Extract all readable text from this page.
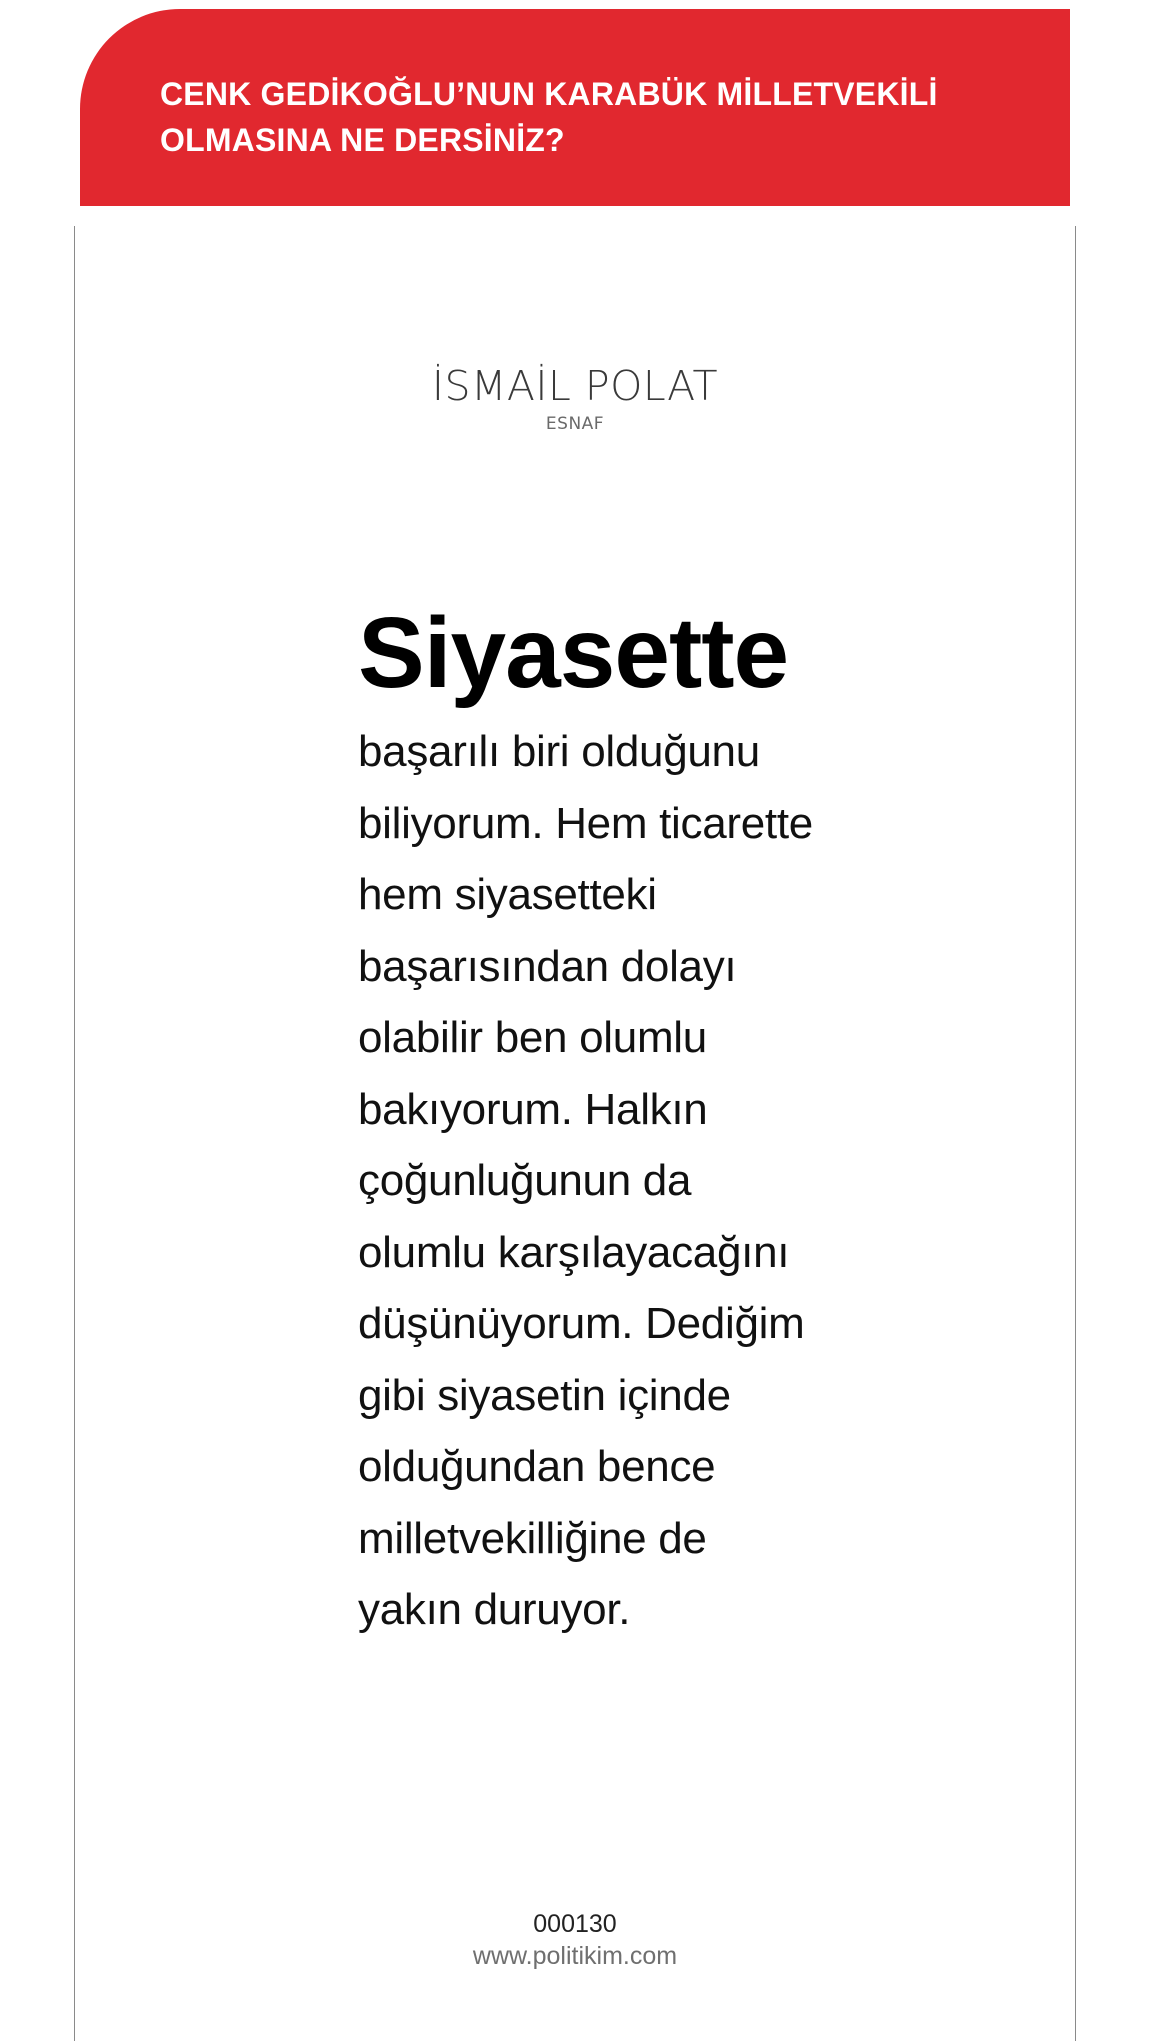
CENK GEDİKOĞLU’NUN KARABÜK MİLLETVEKİLİ
OLMASINA NE DERSİNİZ?
İSMAİL POLAT
ESNAF
Siyasette
başarılı biri olduğunu
biliyorum. Hem ticarette
hem siyasetteki
başarısından dolayı
olabilir ben olumlu
bakıyorum. Halkın
çoğunluğunun da
olumlu karşılayacağını
düşünüyorum. Dediğim
gibi siyasetin içinde
olduğundan bence
milletvekilliğine de
yakın duruyor.
000130
www.politikim.com
